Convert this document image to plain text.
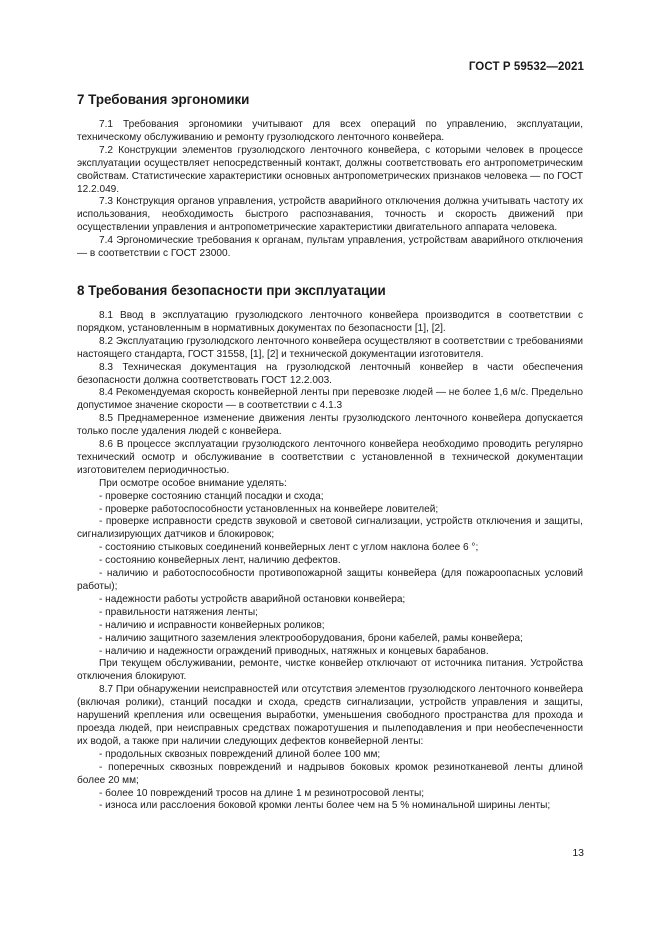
ГОСТ Р 59532—2021
7 Требования эргономики

7.1 Требования эргономики учитывают для всех операций по управлению, эксплуатации, техническому обслуживанию и ремонту грузолюдского ленточного конвейера.

7.2 Конструкции элементов грузолюдского ленточного конвейера, с которыми человек в процессе эксплуатации осуществляет непосредственный контакт, должны соответствовать его антропометрическим свойствам. Статистические характеристики основных антропометрических признаков человека — по ГОСТ 12.2.049.

7.3 Конструкция органов управления, устройств аварийного отключения должна учитывать частоту их использования, необходимость быстрого распознавания, точность и скорость движений при осуществлении управления и антропометрические характеристики двигательного аппарата человека.

7.4 Эргономические требования к органам, пультам управления, устройствам аварийного отключения — в соответствии с ГОСТ 23000.

8 Требования безопасности при эксплуатации

8.1 Ввод в эксплуатацию грузолюдского ленточного конвейера производится в соответствии с порядком, установленным в нормативных документах по безопасности [1], [2].

8.2 Эксплуатацию грузолюдского ленточного конвейера осуществляют в соответствии с требованиями настоящего стандарта, ГОСТ 31558, [1], [2] и технической документации изготовителя.

8.3 Техническая документация на грузолюдской ленточный конвейер в части обеспечения безопасности должна соответствовать ГОСТ 12.2.003.

8.4 Рекомендуемая скорость конвейерной ленты при перевозке людей — не более 1,6 м/с. Предельно допустимое значение скорости — в соответствии с 4.1.3

8.5 Преднамеренное изменение движения ленты грузолюдского ленточного конвейера допускается только после удаления людей с конвейера.

8.6 В процессе эксплуатации грузолюдского ленточного конвейера необходимо проводить регулярно технический осмотр и обслуживание в соответствии с установленной в технической документации изготовителем периодичностью.

При осмотре особое внимание уделять:

- проверке состоянию станций посадки и схода;

- проверке работоспособности установленных на конвейере ловителей;

- проверке исправности средств звуковой и световой сигнализации, устройств отключения и защиты, сигнализирующих датчиков и блокировок;

- состоянию стыковых соединений конвейерных лент с углом наклона более 6 °;

- состоянию конвейерных лент, наличию дефектов.

- наличию и работоспособности противопожарной защиты конвейера (для пожароопасных условий работы);

- надежности работы устройств аварийной остановки конвейера;

- правильности натяжения ленты;

- наличию и исправности конвейерных роликов;

- наличию защитного заземления электрооборудования, брони кабелей, рамы конвейера;

- наличию и надежности ограждений приводных, натяжных и концевых барабанов.

При текущем обслуживании, ремонте, чистке конвейер отключают от источника питания. Устройства отключения блокируют.

8.7 При обнаружении неисправностей или отсутствия элементов грузолюдского ленточного конвейера (включая ролики), станций посадки и схода, средств сигнализации, устройств управления и защиты, нарушений крепления или освещения выработки, уменьшения свободного пространства для прохода и проезда людей, при неисправных средствах пожаротушения и пылеподавления и при необеспеченности их водой, а также при наличии следующих дефектов конвейерной ленты:

- продольных сквозных повреждений длиной более 100 мм;

- поперечных сквозных повреждений и надрывов боковых кромок резинотканевой ленты длиной более 20 мм;

- более 10 повреждений тросов на длине 1 м резинотросовой ленты;

- износа или расслоения боковой кромки ленты более чем на 5 % номинальной ширины ленты;

13
